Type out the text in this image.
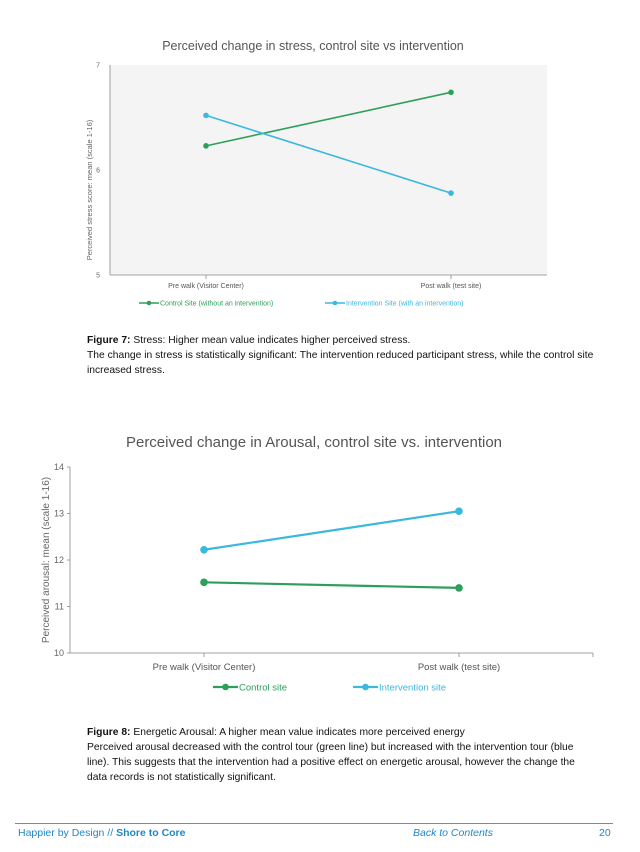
Perceived change in stress, control site vs intervention
Perceived stress score: mean (scale 1-16)
5
6
7
Pre walk (Visitor Center)	Post walk (test site)
Control Site (without an intervention)	Intervention Site (with an intervention)
Figure 7: Stress: Higher mean value indicates higher perceived stress.
The change in stress is statistically significant: The intervention reduced participant stress, while the control site increased stress.
Perceived change in Arousal, control site vs. intervention
Perceived arousal: mean (scale 1-16)
10
11
12
13
14
Pre walk (Visitor Center)	Post walk (test site)
Control site	Intervention site
Figure 8: Energetic Arousal: A higher mean value indicates more perceived energy
Perceived arousal decreased with the control tour (green line) but increased with the intervention tour (blue line). This suggests that the intervention had a positive effect on energetic arousal, however the change the data records is not statistically significant.
Happier by Design // Shore to Core	Back to Contents	20
